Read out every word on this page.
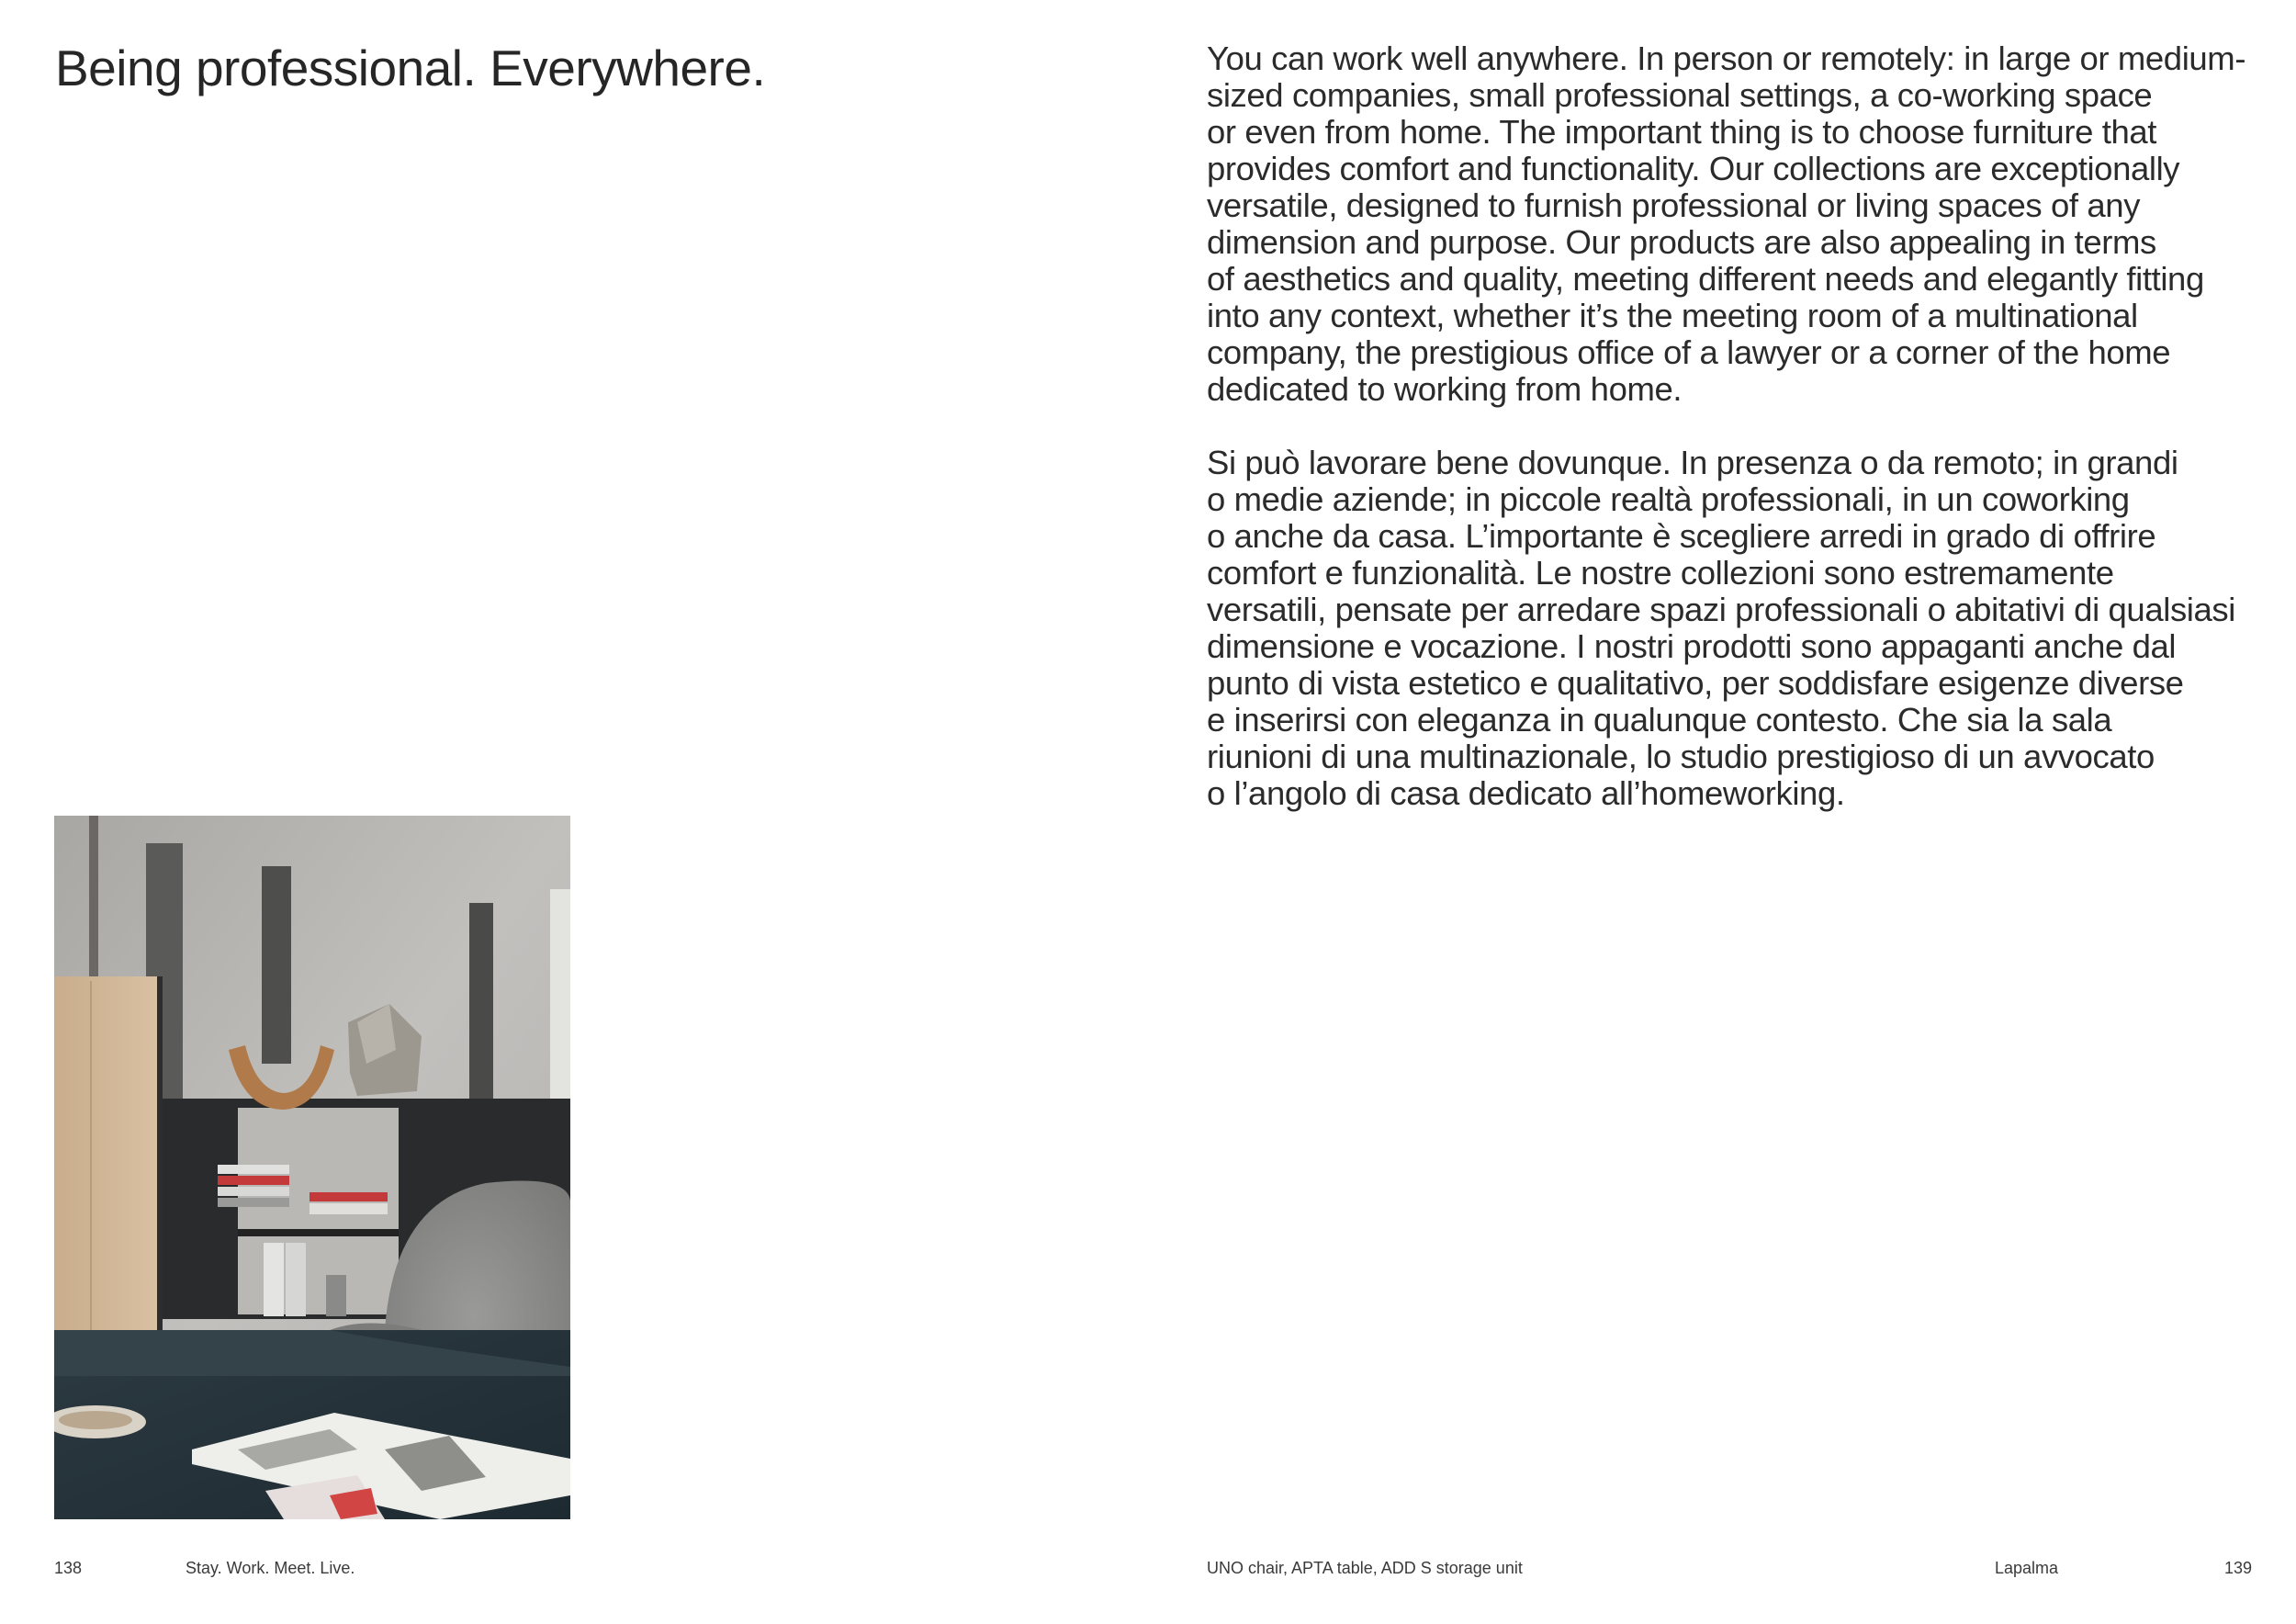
Being professional. Everywhere.	You can work well anywhere. In person or remotely: in large or medium-
sized companies, small professional settings, a co-working space
or even from home. The important thing is to choose furniture that
provides comfort and functionality. Our collections are exceptionally
versatile, designed to furnish professional or living spaces of any
dimension and purpose. Our products are also appealing in terms
of aesthetics and quality, meeting different needs and elegantly fitting
into any context, whether it’s the meeting room of a multinational
company, the prestigious office of a lawyer or a corner of the home
dedicated to working from home.

Si può lavorare bene dovunque. In presenza o da remoto; in grandi
o medie aziende; in piccole realtà professionali, in un coworking
o anche da casa. L’importante è scegliere arredi in grado di offrire
comfort e funzionalità. Le nostre collezioni sono estremamente
versatili, pensate per arredare spazi professionali o abitativi di qualsiasi
dimensione e vocazione. I nostri prodotti sono appaganti anche dal
punto di vista estetico e qualitativo, per soddisfare esigenze diverse
e inserirsi con eleganza in qualunque contesto. Che sia la sala
riunioni di una multinazionale, lo studio prestigioso di un avvocato
o l’angolo di casa dedicato all’homeworking.

138	Stay. Work. Meet. Live.	UNO chair, APTA table, ADD S storage unit	Lapalma	139
